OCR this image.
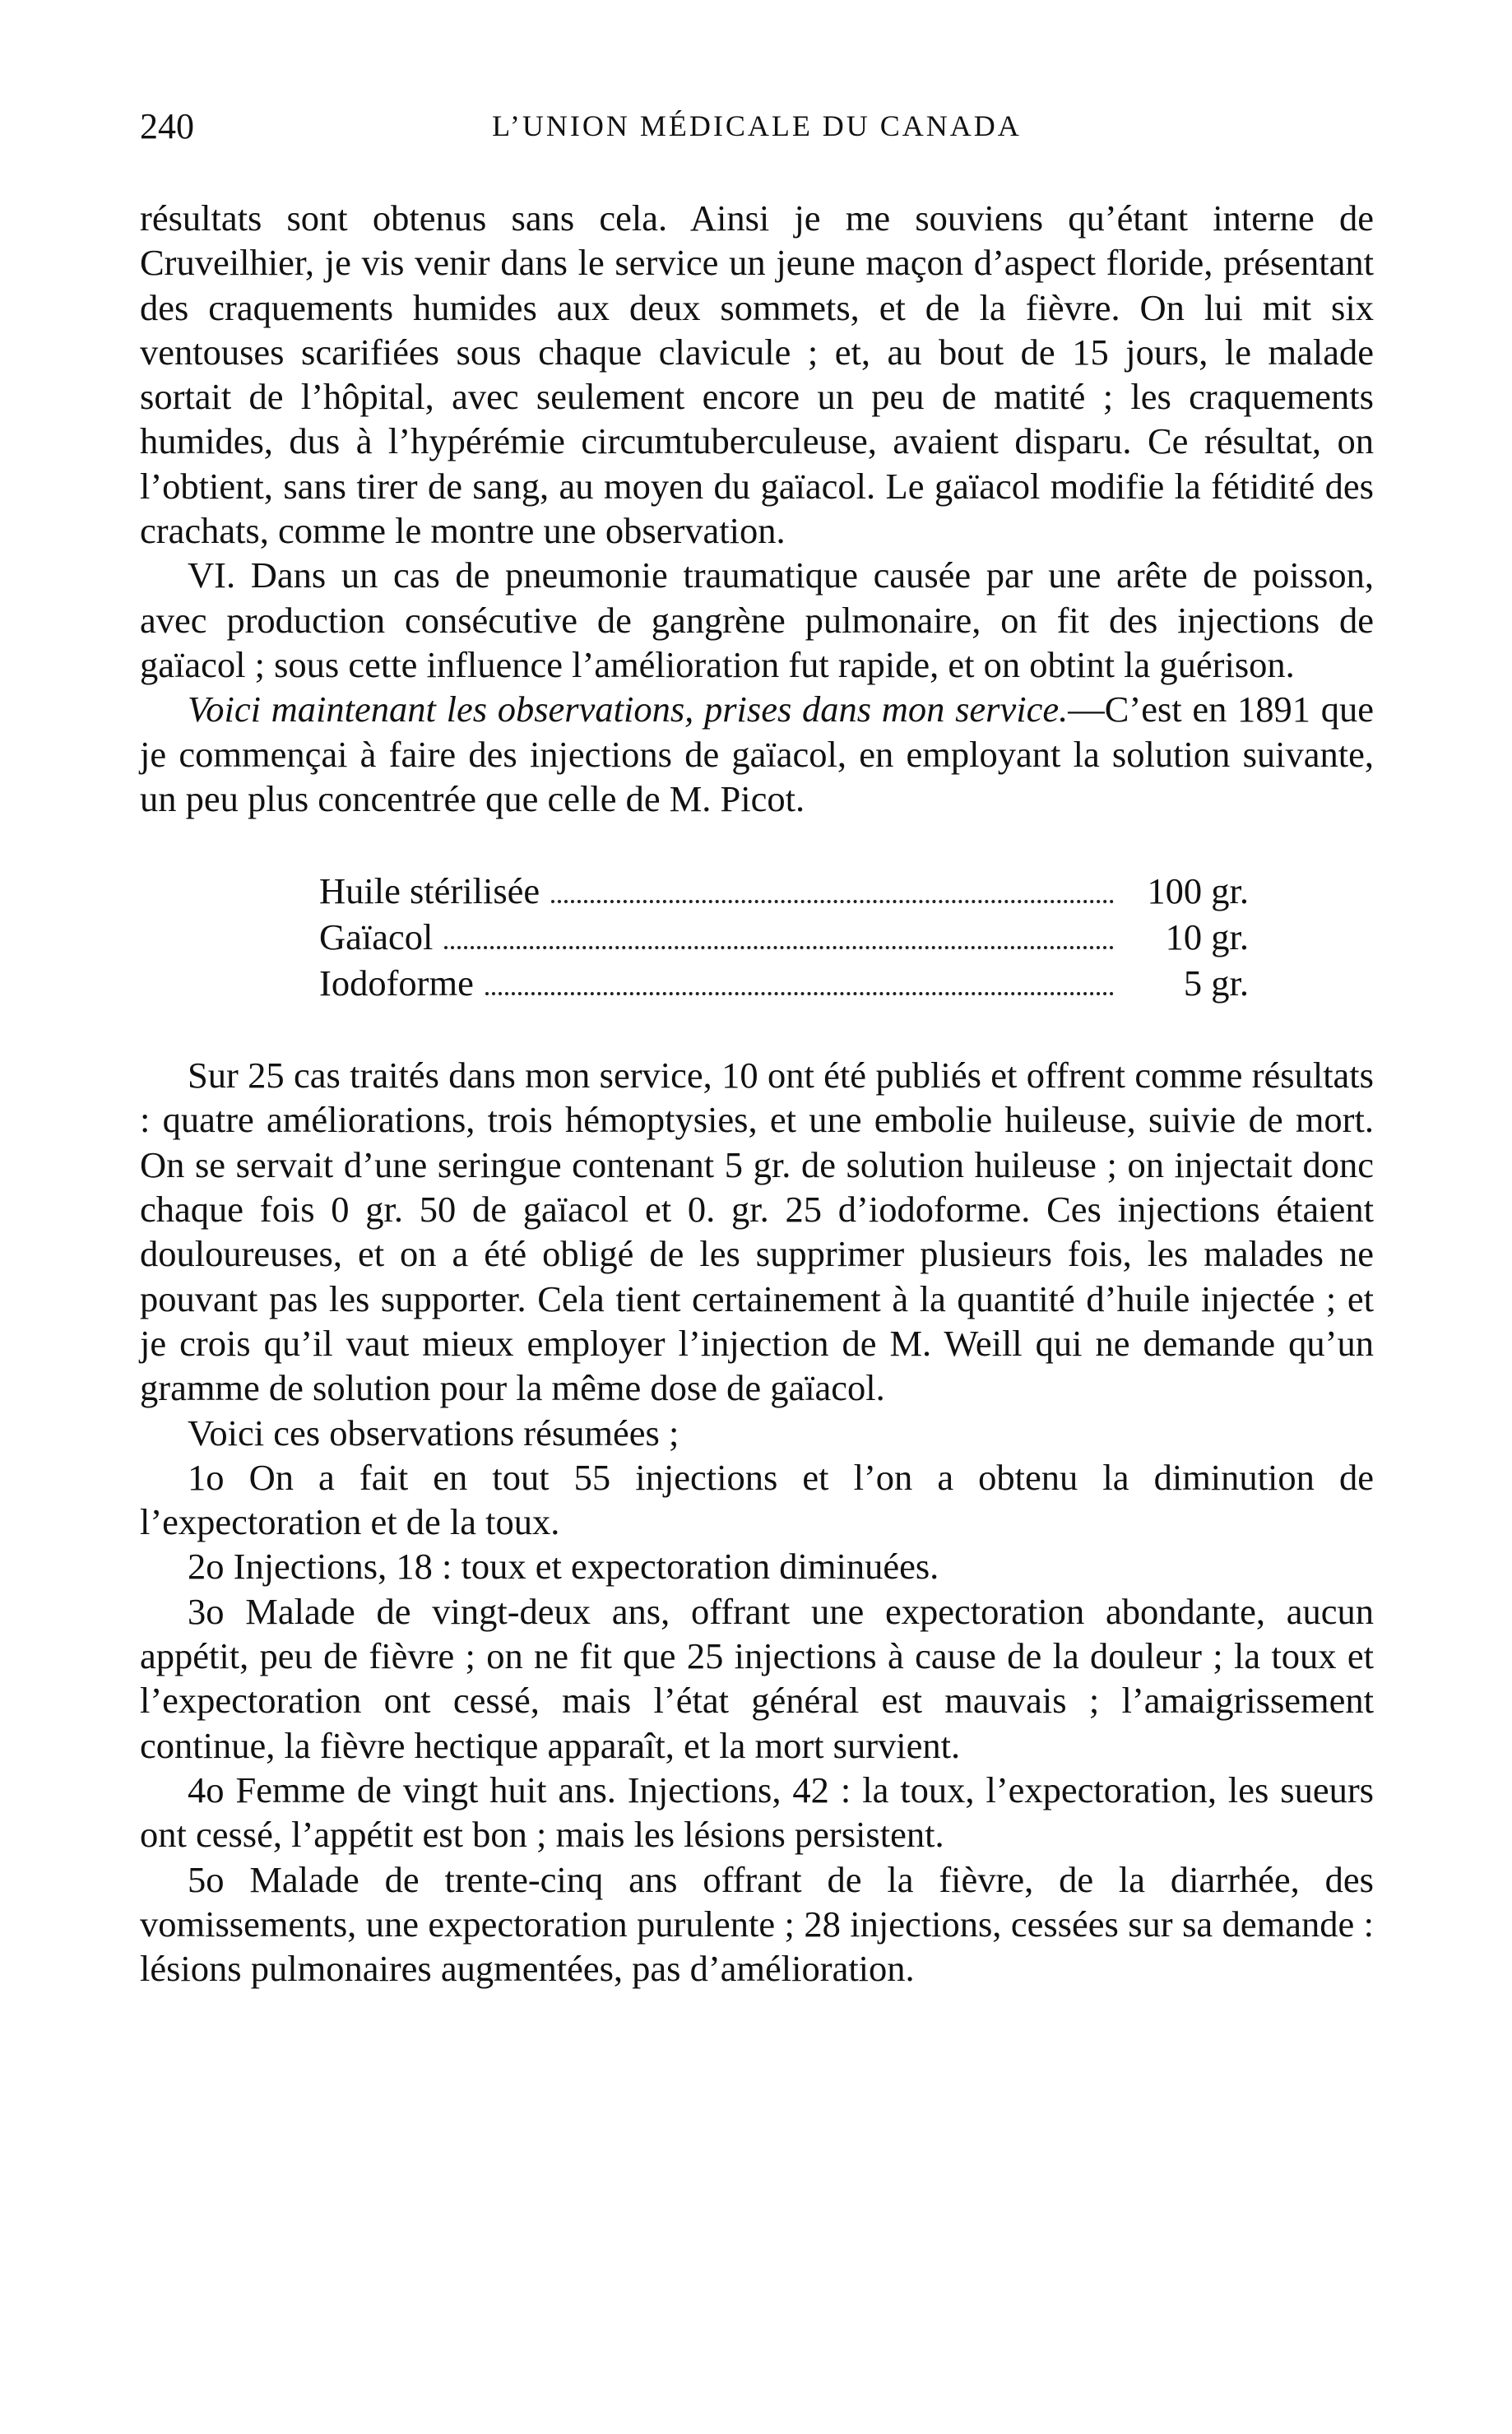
240	L’UNION MÉDICALE DU CANADA

résultats sont obtenus sans cela. Ainsi je me souviens qu’étant interne de Cruveilhier, je vis venir dans le service un jeune maçon d’aspect floride, présentant des craquements humides aux deux sommets, et de la fièvre. On lui mit six ventouses scarifiées sous chaque clavicule ; et, au bout de 15 jours, le malade sortait de l’hôpital, avec seulement encore un peu de matité ; les craquements humides, dus à l’hypérémie circumtuberculeuse, avaient disparu. Ce résultat, on l’obtient, sans tirer de sang, au moyen du gaïacol. Le gaïacol modifie la fétidité des crachats, comme le montre une observation.

VI. Dans un cas de pneumonie traumatique causée par une arête de poisson, avec production consécutive de gangrène pulmonaire, on fit des injections de gaïacol ; sous cette influence l’amélioration fut rapide, et on obtint la guérison.

Voici maintenant les observations, prises dans mon service.—C’est en 1891 que je commençai à faire des injections de gaïacol, en employant la solution suivante, un peu plus concentrée que celle de M. Picot.

Huile stérilisée	100 gr.
Gaïacol	10 gr.
Iodoforme	5 gr.

Sur 25 cas traités dans mon service, 10 ont été publiés et offrent comme résultats : quatre améliorations, trois hémoptysies, et une embolie huileuse, suivie de mort. On se servait d’une seringue contenant 5 gr. de solution huileuse ; on injectait donc chaque fois 0 gr. 50 de gaïacol et 0. gr. 25 d’iodoforme. Ces injections étaient douloureuses, et on a été obligé de les supprimer plusieurs fois, les malades ne pouvant pas les supporter. Cela tient certainement à la quantité d’huile injectée ; et je crois qu’il vaut mieux employer l’injection de M. Weill qui ne demande qu’un gramme de solution pour la même dose de gaïacol.

Voici ces observations résumées ;

1o On a fait en tout 55 injections et l’on a obtenu la diminution de l’expectoration et de la toux.

2o Injections, 18 : toux et expectoration diminuées.

3o Malade de vingt-deux ans, offrant une expectoration abondante, aucun appétit, peu de fièvre ; on ne fit que 25 injections à cause de la douleur ; la toux et l’expectoration ont cessé, mais l’état général est mauvais ; l’amaigrissement continue, la fièvre hectique apparaît, et la mort survient.

4o Femme de vingt huit ans. Injections, 42 : la toux, l’expectoration, les sueurs ont cessé, l’appétit est bon ; mais les lésions persistent.

5o Malade de trente-cinq ans offrant de la fièvre, de la diarrhée, des vomissements, une expectoration purulente ; 28 injections, cessées sur sa demande : lésions pulmonaires augmentées, pas d’amélioration.
